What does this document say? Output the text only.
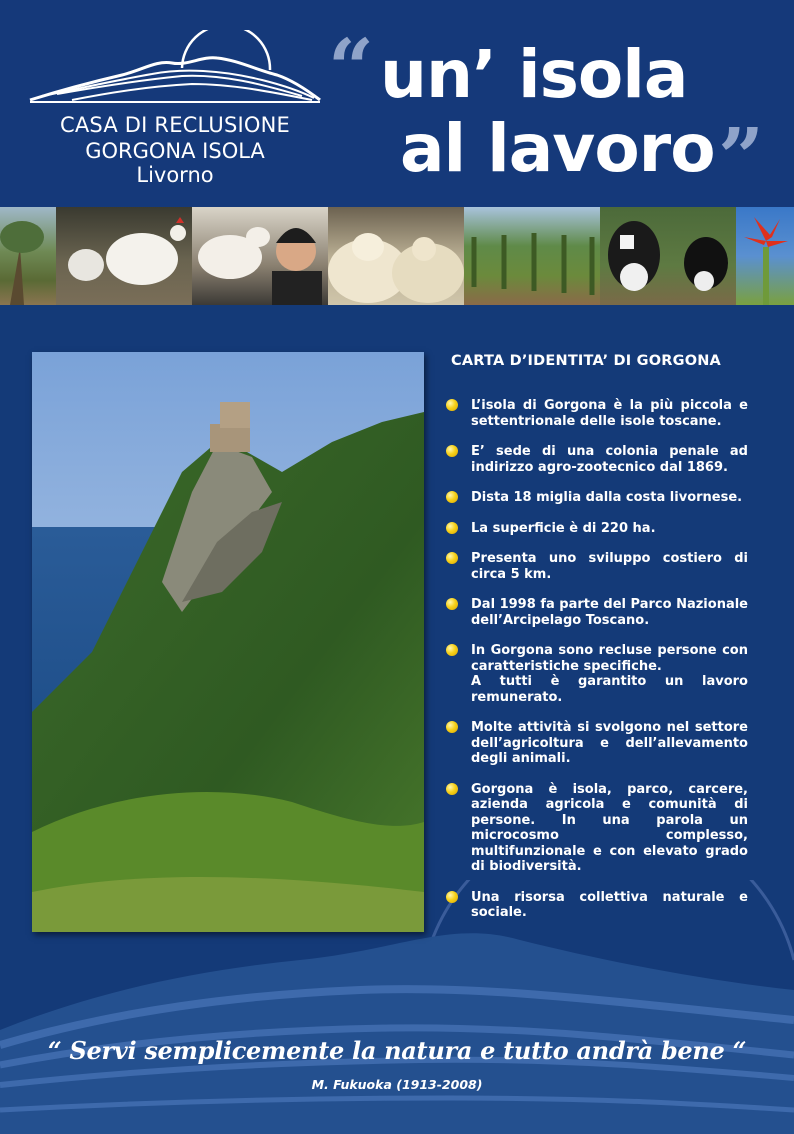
CASA DI RECLUSIONE
GORGONA ISOLA
Livorno
“ un’ isola
al lavoro ”
CARTA D’IDENTITA’ DI GORGONA
L’isola di Gorgona è la più piccola e settentrionale delle isole toscane.
E’ sede di una colonia penale ad indirizzo agro-zootecnico dal 1869.
Dista 18 miglia dalla costa livornese.
La superficie è di 220 ha.
Presenta uno sviluppo costiero di circa 5 km.
Dal 1998 fa parte del Parco Nazionale dell’Arcipelago Toscano.
In Gorgona sono recluse persone con caratteristiche specifiche.
A tutti è garantito un lavoro remunerato.
Molte attività si svolgono nel settore dell’agricoltura e dell’allevamento degli animali.
Gorgona è isola, parco, carcere, azienda agricola e comunità di persone. In una parola un microcosmo complesso, multifunzionale e con elevato grado di biodiversità.
Una risorsa collettiva naturale e sociale.
“ Servi semplicemente la natura e tutto andrà bene “
M. Fukuoka (1913-2008)
